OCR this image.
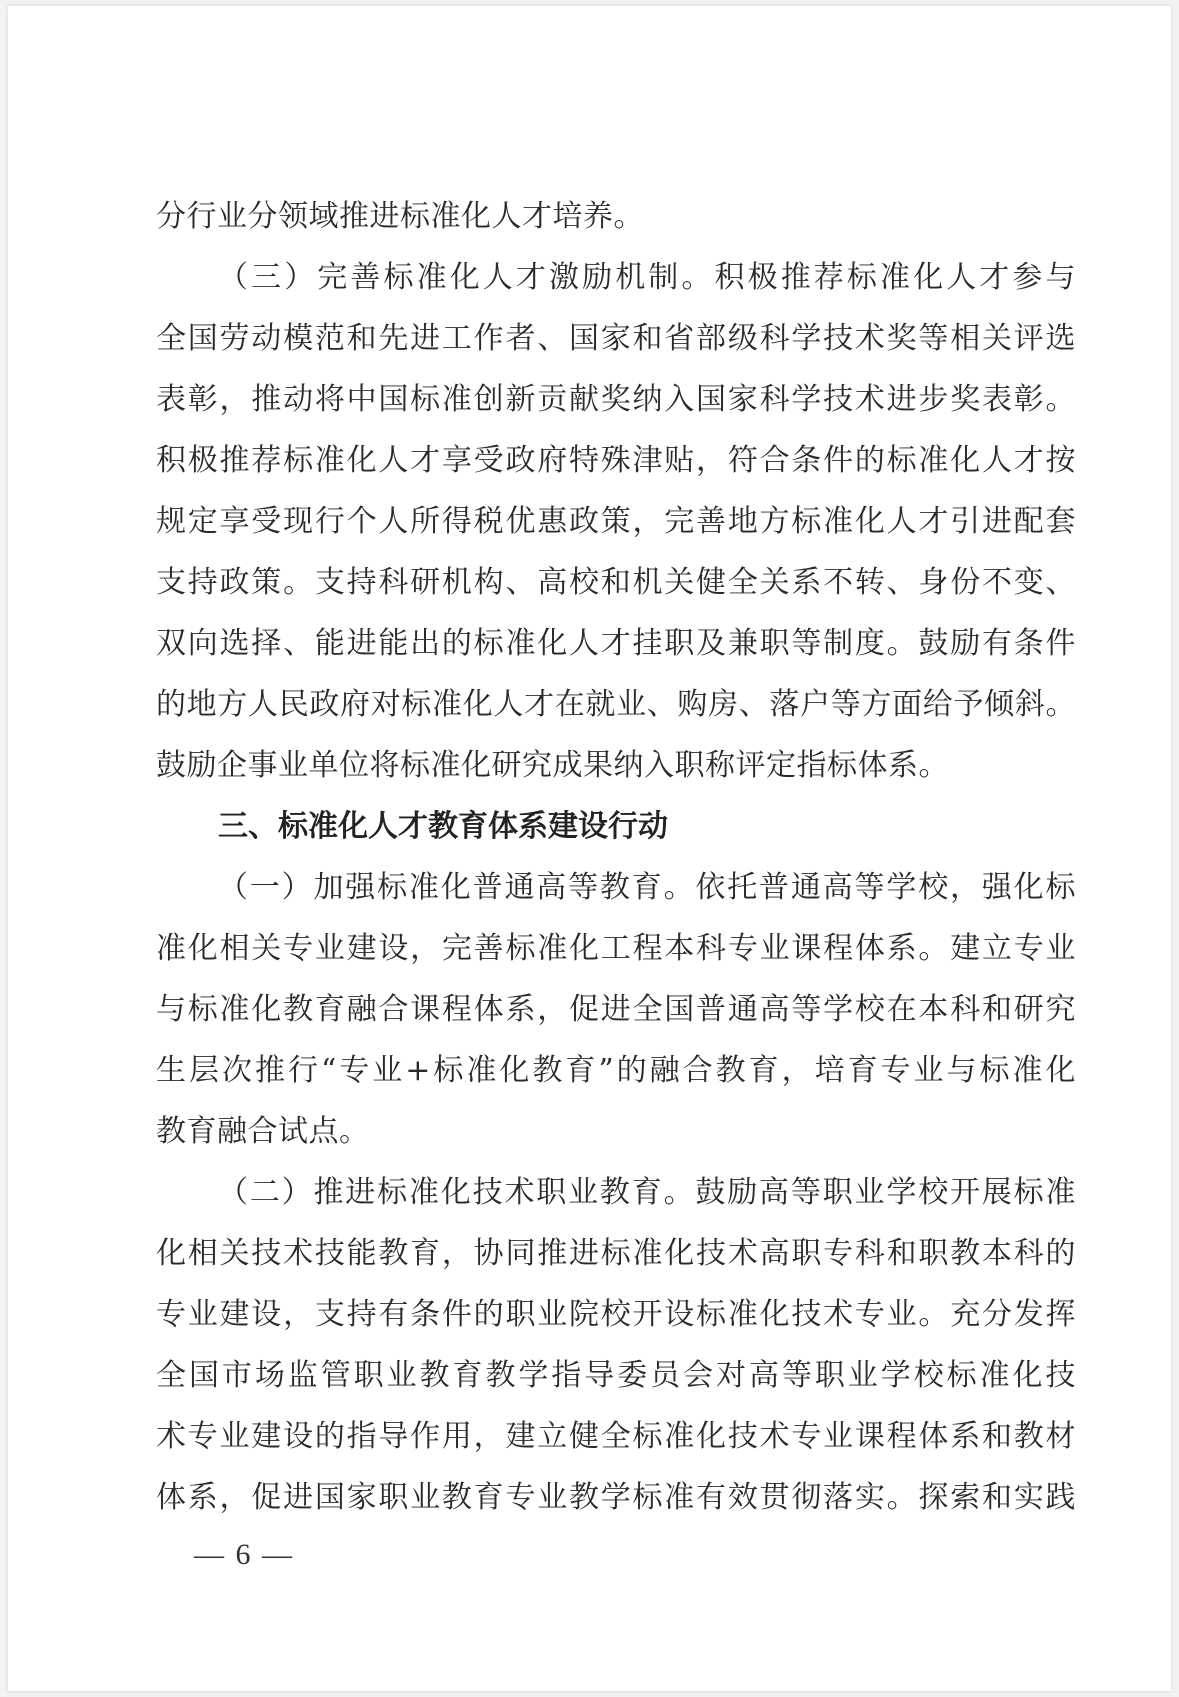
分行业分领域推进标准化人才培养。
（三）完善标准化人才激励机制。积极推荐标准化人才参与
全国劳动模范和先进工作者、国家和省部级科学技术奖等相关评选
表彰，推动将中国标准创新贡献奖纳入国家科学技术进步奖表彰。
积极推荐标准化人才享受政府特殊津贴，符合条件的标准化人才按
规定享受现行个人所得税优惠政策，完善地方标准化人才引进配套
支持政策。支持科研机构、高校和机关健全关系不转、身份不变、
双向选择、能进能出的标准化人才挂职及兼职等制度。鼓励有条件
的地方人民政府对标准化人才在就业、购房、落户等方面给予倾斜。
鼓励企事业单位将标准化研究成果纳入职称评定指标体系。
三、标准化人才教育体系建设行动
（一）加强标准化普通高等教育。依托普通高等学校，强化标
准化相关专业建设，完善标准化工程本科专业课程体系。建立专业
与标准化教育融合课程体系，促进全国普通高等学校在本科和研究
生层次推行“专业+标准化教育”的融合教育，培育专业与标准化
教育融合试点。
（二）推进标准化技术职业教育。鼓励高等职业学校开展标准
化相关技术技能教育，协同推进标准化技术高职专科和职教本科的
专业建设，支持有条件的职业院校开设标准化技术专业。充分发挥
全国市场监管职业教育教学指导委员会对高等职业学校标准化技
术专业建设的指导作用，建立健全标准化技术专业课程体系和教材
体系，促进国家职业教育专业教学标准有效贯彻落实。探索和实践
— 6 —
